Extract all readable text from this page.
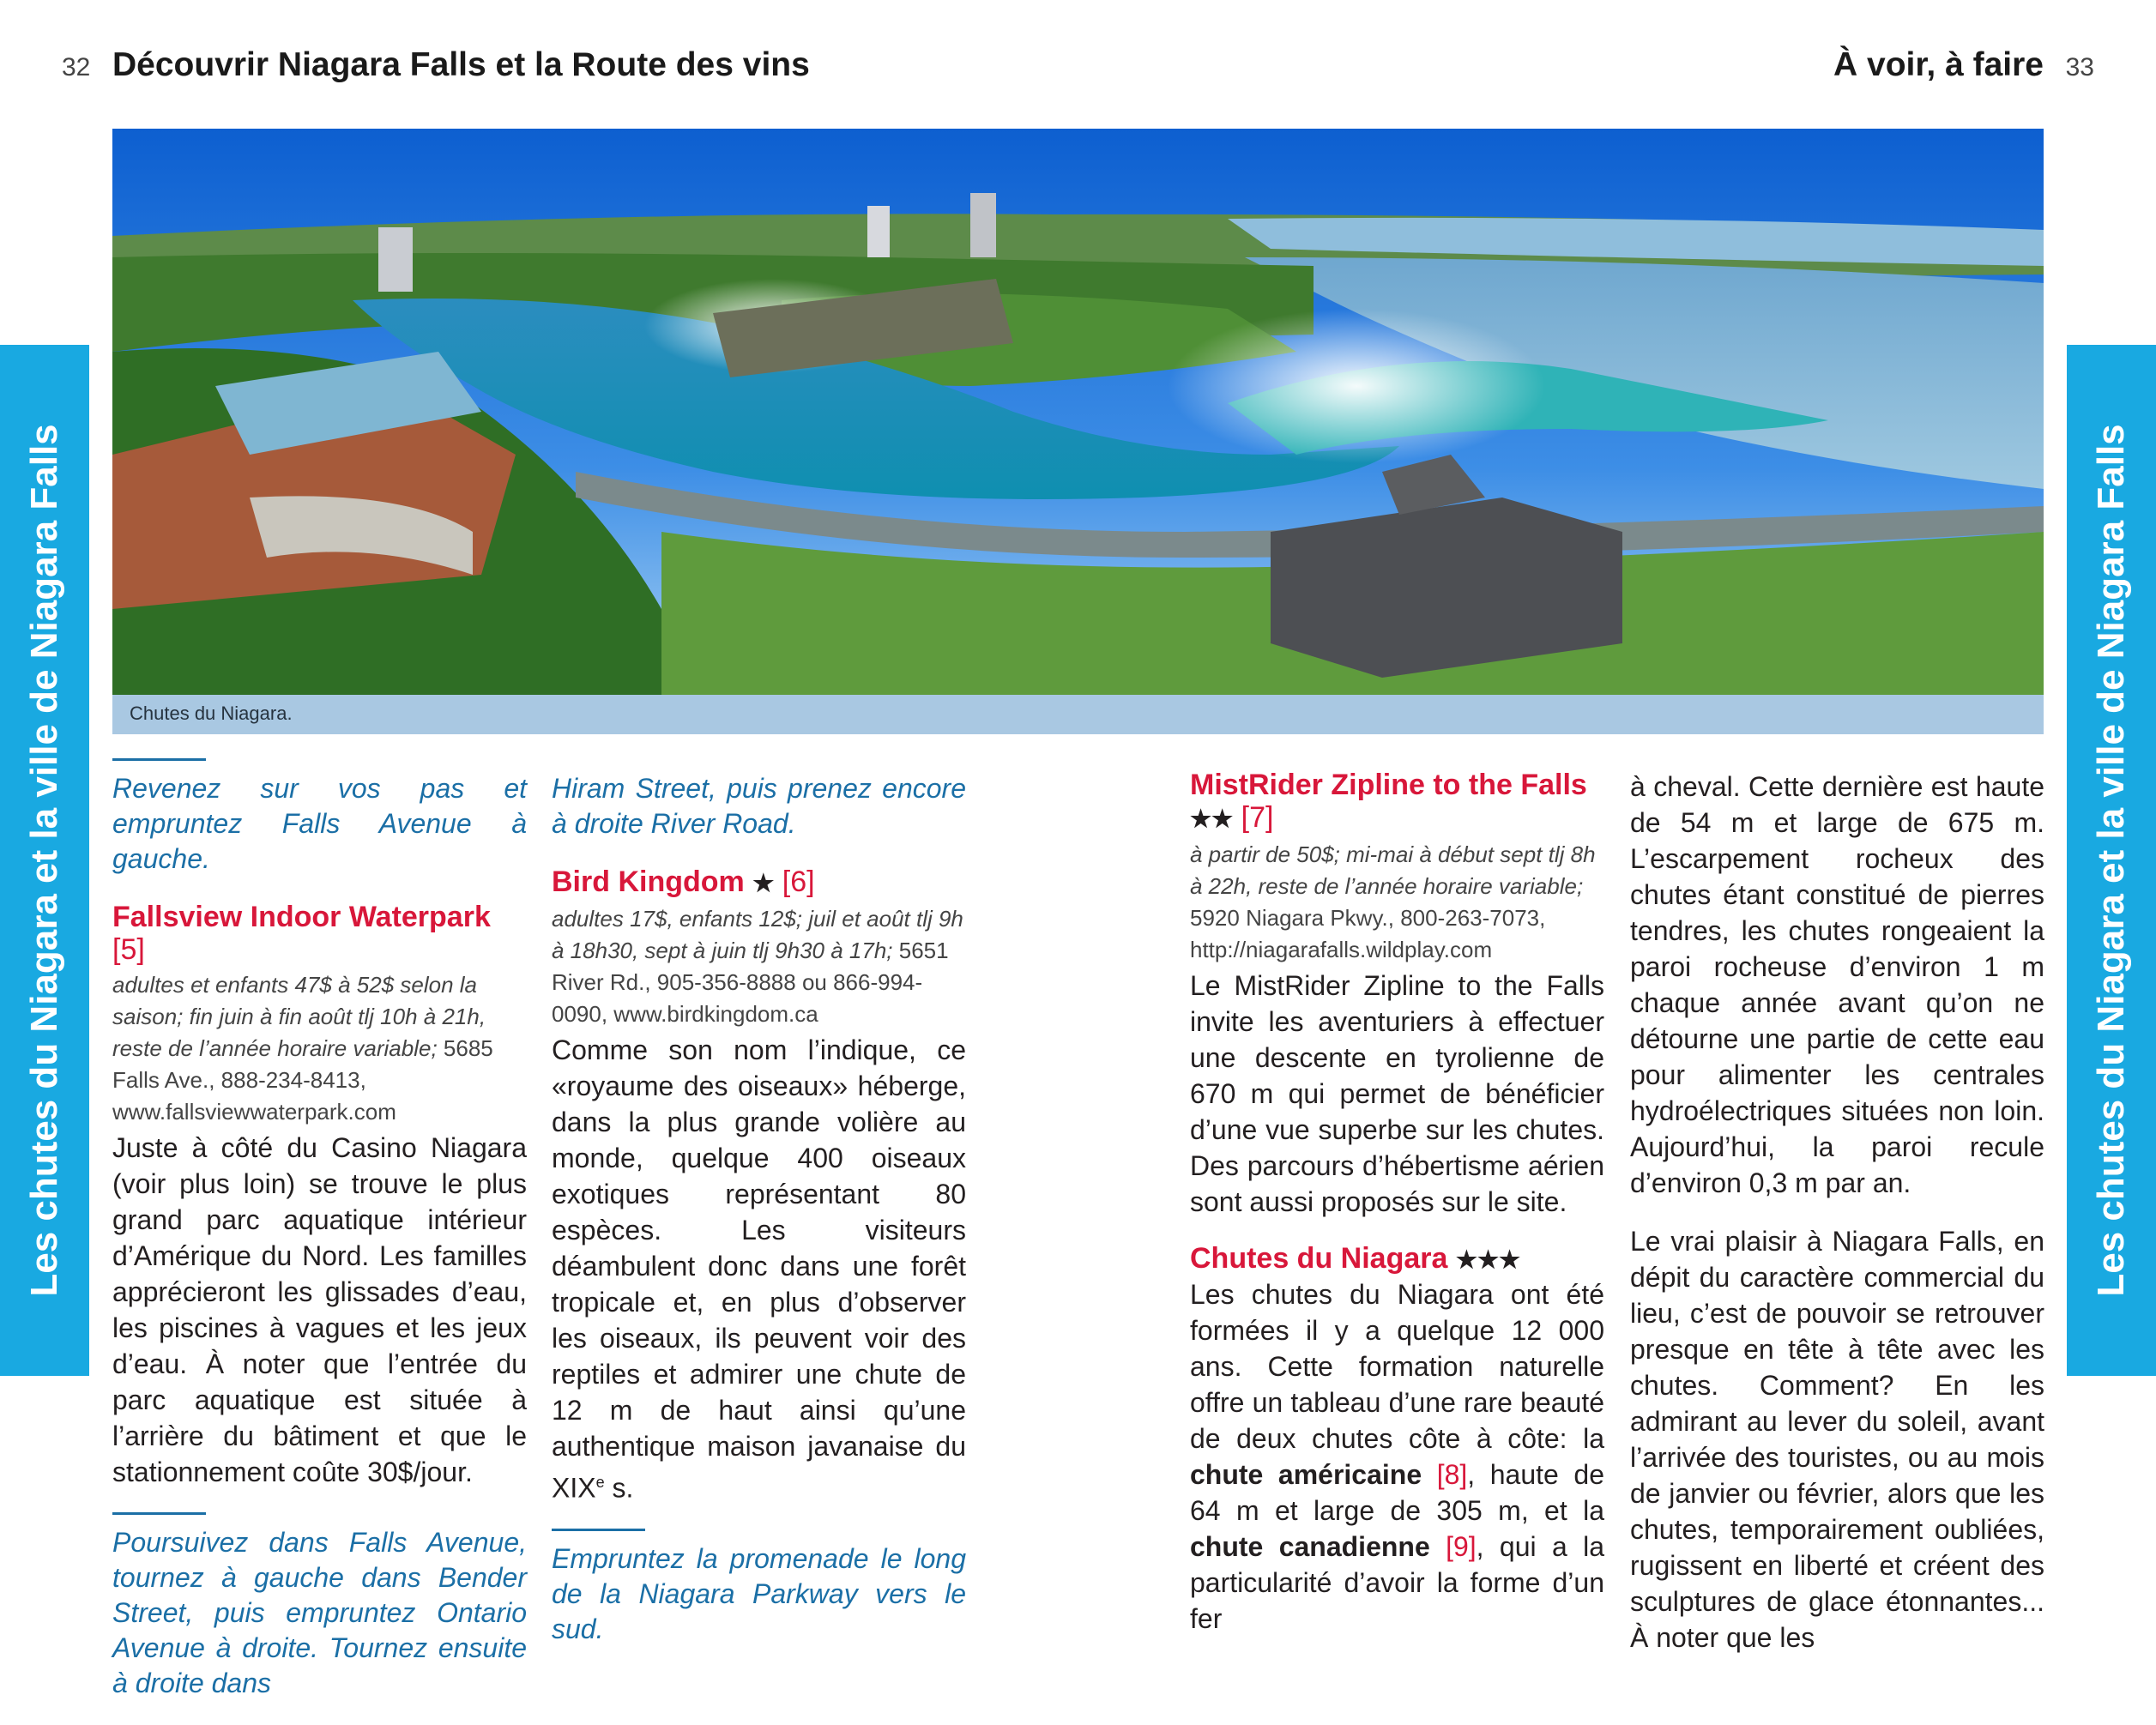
32 Découvrir Niagara Falls et la Route des vins	À voir, à faire 33
Les chutes du Niagara et la ville de Niagara Falls	Les chutes du Niagara et la ville de Niagara Falls
Chutes du Niagara.

Revenez sur vos pas et empruntez Falls Avenue à gauche.

Fallsview Indoor Waterpark
[5]
adultes et enfants 47$ à 52$ selon la saison; fin juin à fin août tlj 10h à 21h, reste de l’année horaire variable; 5685 Falls Ave., 888-234-8413, www.fallsviewwaterpark.com

Juste à côté du Casino Niagara (voir plus loin) se trouve le plus grand parc aquatique intérieur d’Amérique du Nord. Les familles apprécieront les glissades d’eau, les piscines à vagues et les jeux d’eau. À noter que l’entrée du parc aquatique est située à l’arrière du bâtiment et que le stationnement coûte 30$/jour.

Poursuivez dans Falls Avenue, tournez à gauche dans Bender Street, puis empruntez Ontario Avenue à droite. Tournez ensuite à droite dans

Hiram Street, puis prenez encore à droite River Road.

Bird Kingdom ★ [6]
adultes 17$, enfants 12$; juil et août tlj 9h à 18h30, sept à juin tlj 9h30 à 17h; 5651 River Rd., 905-356-8888 ou 866-994-0090, www.birdkingdom.ca

Comme son nom l’indique, ce «royaume des oiseaux» héberge, dans la plus grande volière au monde, quelque 400 oiseaux exotiques représentant 80 espèces. Les visiteurs déambulent donc dans une forêt tropicale et, en plus d’observer les oiseaux, ils peuvent voir des reptiles et admirer une chute de 12 m de haut ainsi qu’une authentique maison javanaise du XIXe s.

Empruntez la promenade le long de la Niagara Parkway vers le sud.

MistRider Zipline to the Falls ★★ [7]
à partir de 50$; mi-mai à début sept tlj 8h à 22h, reste de l’année horaire variable; 5920 Niagara Pkwy., 800-263-7073, http://niagarafalls.wildplay.com

Le MistRider Zipline to the Falls invite les aventuriers à effectuer une descente en tyrolienne de 670 m qui permet de bénéficier d’une vue superbe sur les chutes. Des parcours d’hébertisme aérien sont aussi proposés sur le site.

Chutes du Niagara ★★★

Les chutes du Niagara ont été formées il y a quelque 12 000 ans. Cette formation naturelle offre un tableau d’une rare beauté de deux chutes côte à côte: la chute américaine [8], haute de 64 m et large de 305 m, et la chute canadienne [9], qui a la particularité d’avoir la forme d’un fer

à cheval. Cette dernière est haute de 54 m et large de 675 m. L’escarpement rocheux des chutes étant constitué de pierres tendres, les chutes rongeaient la paroi rocheuse d’environ 1 m chaque année avant qu’on ne détourne une partie de cette eau pour alimenter les centrales hydroélectriques situées non loin. Aujourd’hui, la paroi recule d’environ 0,3 m par an.

Le vrai plaisir à Niagara Falls, en dépit du caractère commercial du lieu, c’est de pouvoir se retrouver presque en tête à tête avec les chutes. Comment? En les admirant au lever du soleil, avant l’arrivée des touristes, ou au mois de janvier ou février, alors que les chutes, temporairement oubliées, rugissent en liberté et créent des sculptures de glace étonnantes... À noter que les
